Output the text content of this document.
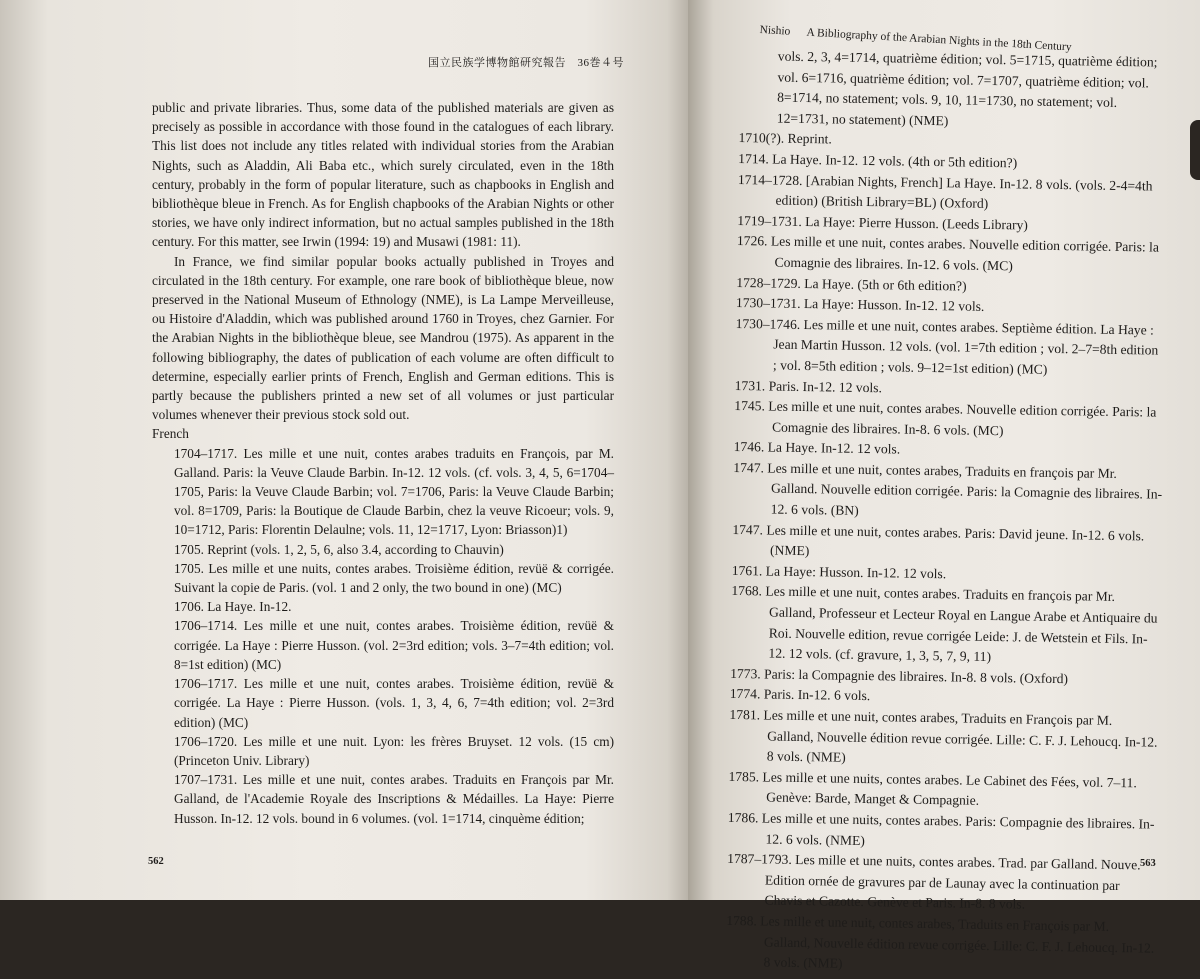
国立民族学博物館研究報告　36巻４号

public and private libraries. Thus, some data of the published materials are given as precisely as possible in accordance with those found in the catalogues of each library. This list does not include any titles related with individual stories from the Arabian Nights, such as Aladdin, Ali Baba etc., which surely circulated, even in the 18th century, probably in the form of popular literature, such as chapbooks in English and bibliothèque bleue in French. As for English chapbooks of the Arabian Nights or other stories, we have only indirect information, but no actual samples published in the 18th century. For this matter, see Irwin (1994: 19) and Musawi (1981: 11).

In France, we find similar popular books actually published in Troyes and circulated in the 18th century. For example, one rare book of bibliothèque bleue, now preserved in the National Museum of Ethnology (NME), is La Lampe Merveilleuse, ou Histoire d'Aladdin, which was published around 1760 in Troyes, chez Garnier. For the Arabian Nights in the bibliothèque bleue, see Mandrou (1975). As apparent in the following bibliography, the dates of publication of each volume are often difficult to determine, especially earlier prints of French, English and German editions. This is partly because the publishers printed a new set of all volumes or just particular volumes whenever their previous stock sold out.

French

1704–1717. Les mille et une nuit, contes arabes traduits en François, par M. Galland. Paris: la Veuve Claude Barbin. In-12. 12 vols. (cf. vols. 3, 4, 5, 6=1704–1705, Paris: la Veuve Claude Barbin; vol. 7=1706, Paris: la Veuve Claude Barbin; vol. 8=1709, Paris: la Boutique de Claude Barbin, chez la veuve Ricoeur; vols. 9, 10=1712, Paris: Florentin Delaulne; vols. 11, 12=1717, Lyon: Briasson)1)

1705. Reprint (vols. 1, 2, 5, 6, also 3.4, according to Chauvin)

1705. Les mille et une nuits, contes arabes. Troisième édition, revüë & corrigée. Suivant la copie de Paris. (vol. 1 and 2 only, the two bound in one) (MC)

1706. La Haye. In-12.

1706–1714. Les mille et une nuit, contes arabes. Troisième édition, revüë & corrigée. La Haye : Pierre Husson. (vol. 2=3rd edition; vols. 3–7=4th edition; vol. 8=1st edition) (MC)

1706–1717. Les mille et une nuit, contes arabes. Troisième édition, revüë & corrigée. La Haye : Pierre Husson. (vols. 1, 3, 4, 6, 7=4th edition; vol. 2=3rd edition) (MC)

1706–1720. Les mille et une nuit. Lyon: les frères Bruyset. 12 vols. (15 cm) (Princeton Univ. Library)

1707–1731. Les mille et une nuit, contes arabes. Traduits en François par Mr. Galland, de l'Academie Royale des Inscriptions & Médailles. La Haye: Pierre Husson. In-12. 12 vols. bound in 6 volumes. (vol. 1=1714, cinquème édition;

562
Nishio A Bibliography of the Arabian Nights in the 18th Century

vols. 2, 3, 4=1714, quatrième édition; vol. 5=1715, quatrième édition; vol. 6=1716, quatrième édition; vol. 7=1707, quatrième édition; vol. 8=1714, no statement; vols. 9, 10, 11=1730, no statement; vol. 12=1731, no statement) (NME)

1710(?). Reprint.

1714. La Haye. In-12. 12 vols. (4th or 5th edition?)

1714–1728. [Arabian Nights, French] La Haye. In-12. 8 vols. (vols. 2-4=4th edition) (British Library=BL) (Oxford)

1719–1731. La Haye: Pierre Husson. (Leeds Library)

1726. Les mille et une nuit, contes arabes. Nouvelle edition corrigée. Paris: la Comagnie des libraires. In-12. 6 vols. (MC)

1728–1729. La Haye. (5th or 6th edition?)

1730–1731. La Haye: Husson. In-12. 12 vols.

1730–1746. Les mille et une nuit, contes arabes. Septième édition. La Haye : Jean Martin Husson. 12 vols. (vol. 1=7th edition ; vol. 2–7=8th edition ; vol. 8=5th edition ; vols. 9–12=1st edition) (MC)

1731. Paris. In-12. 12 vols.

1745. Les mille et une nuit, contes arabes. Nouvelle edition corrigée. Paris: la Comagnie des libraires. In-8. 6 vols. (MC)

1746. La Haye. In-12. 12 vols.

1747. Les mille et une nuit, contes arabes, Traduits en françois par Mr. Galland. Nouvelle edition corrigée. Paris: la Comagnie des libraires. In-12. 6 vols. (BN)

1747. Les mille et une nuit, contes arabes. Paris: David jeune. In-12. 6 vols. (NME)

1761. La Haye: Husson. In-12. 12 vols.

1768. Les mille et une nuit, contes arabes. Traduits en françois par Mr. Galland, Professeur et Lecteur Royal en Langue Arabe et Antiquaire du Roi. Nouvelle edition, revue corrigée Leide: J. de Wetstein et Fils. In-12. 12 vols. (cf. gravure, 1, 3, 5, 7, 9, 11)

1773. Paris: la Compagnie des libraires. In-8. 8 vols. (Oxford)

1774. Paris. In-12. 6 vols.

1781. Les mille et une nuit, contes arabes, Traduits en François par M. Galland, Nouvelle édition revue corrigée. Lille: C. F. J. Lehoucq. In-12. 8 vols. (NME)

1785. Les mille et une nuits, contes arabes. Le Cabinet des Fées, vol. 7–11. Genève: Barde, Manget & Compagnie.

1786. Les mille et une nuits, contes arabes. Paris: Compagnie des libraires. In-12. 6 vols. (NME)

1787–1793. Les mille et une nuits, contes arabes. Trad. par Galland. Nouve. Edition ornée de gravures par de Launay avec la continuation par Chavis et Cazotte. Genève et Paris. In-8. 8 vols.

1788. Les mille et une nuit, contes arabes, Traduits en François par M. Galland, Nouvelle édition revue corrigée. Lille: C. F. J. Lehoucq. In-12. 8 vols. (NME)

563
